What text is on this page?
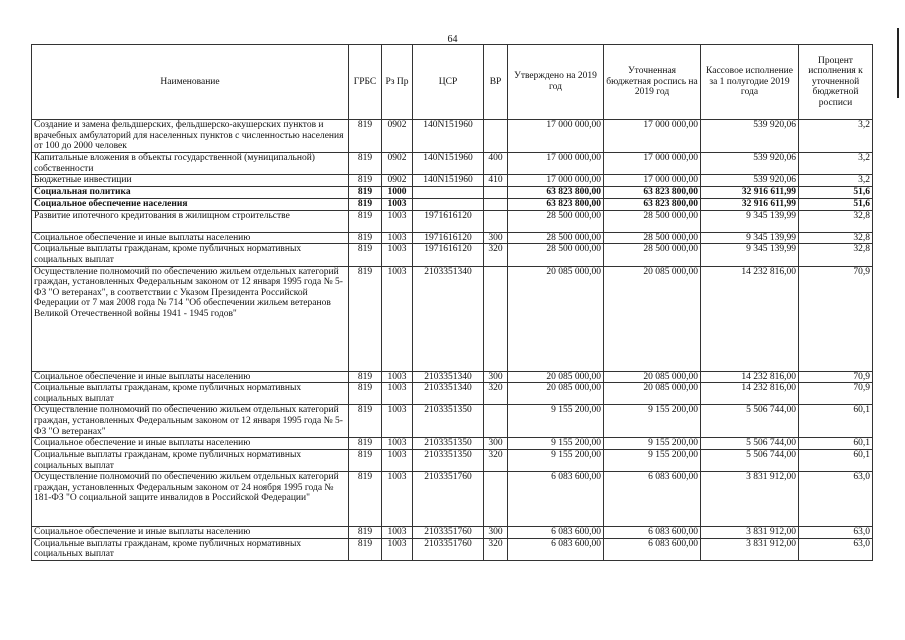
64
Наименование	ГРБС	Рз Пр	ЦСР	ВР	Утверждено на 2019 год	Уточненная бюджетная роспись на 2019 год	Кассовое исполнение за 1 полугодие 2019 года	Процент исполнения к уточненной бюджетной росписи
Создание и замена фельдшерских, фельдшерско-акушерских пунктов и врачебных амбулаторий для населенных пунктов с численностью населения от 100 до 2000 человек	819	0902	140N151960		17 000 000,00	17 000 000,00	539 920,06	3,2
Капитальные вложения в объекты государственной (муниципальной) собственности	819	0902	140N151960	400	17 000 000,00	17 000 000,00	539 920,06	3,2
Бюджетные инвестиции	819	0902	140N151960	410	17 000 000,00	17 000 000,00	539 920,06	3,2
Социальная политика	819	1000			63 823 800,00	63 823 800,00	32 916 611,99	51,6
Социальное обеспечение населения	819	1003			63 823 800,00	63 823 800,00	32 916 611,99	51,6
Развитие ипотечного кредитования в жилищном строительстве	819	1003	1971616120		28 500 000,00	28 500 000,00	9 345 139,99	32,8
Социальное обеспечение и иные выплаты населению	819	1003	1971616120	300	28 500 000,00	28 500 000,00	9 345 139,99	32,8
Социальные выплаты гражданам, кроме публичных нормативных социальных выплат	819	1003	1971616120	320	28 500 000,00	28 500 000,00	9 345 139,99	32,8
Осуществление полномочий по обеспечению жильем отдельных категорий граждан, установленных Федеральным законом от 12 января 1995 года № 5-ФЗ "О ветеранах", в соответствии с Указом Президента Российской Федерации от 7 мая 2008 года № 714 "Об обеспечении жильем ветеранов Великой Отечественной войны 1941 - 1945 годов"	819	1003	2103351340		20 085 000,00	20 085 000,00	14 232 816,00	70,9
Социальное обеспечение и иные выплаты населению	819	1003	2103351340	300	20 085 000,00	20 085 000,00	14 232 816,00	70,9
Социальные выплаты гражданам, кроме публичных нормативных социальных выплат	819	1003	2103351340	320	20 085 000,00	20 085 000,00	14 232 816,00	70,9
Осуществление полномочий по обеспечению жильем отдельных категорий граждан, установленных Федеральным законом от 12 января 1995 года № 5-ФЗ "О ветеранах"	819	1003	2103351350		9 155 200,00	9 155 200,00	5 506 744,00	60,1
Социальное обеспечение и иные выплаты населению	819	1003	2103351350	300	9 155 200,00	9 155 200,00	5 506 744,00	60,1
Социальные выплаты гражданам, кроме публичных нормативных социальных выплат	819	1003	2103351350	320	9 155 200,00	9 155 200,00	5 506 744,00	60,1
Осуществление полномочий по обеспечению жильем отдельных категорий граждан, установленных Федеральным законом от 24 ноября 1995 года № 181-ФЗ "О социальной защите инвалидов в Российской Федерации"	819	1003	2103351760		6 083 600,00	6 083 600,00	3 831 912,00	63,0
Социальное обеспечение и иные выплаты населению	819	1003	2103351760	300	6 083 600,00	6 083 600,00	3 831 912,00	63,0
Социальные выплаты гражданам, кроме публичных нормативных социальных выплат	819	1003	2103351760	320	6 083 600,00	6 083 600,00	3 831 912,00	63,0
